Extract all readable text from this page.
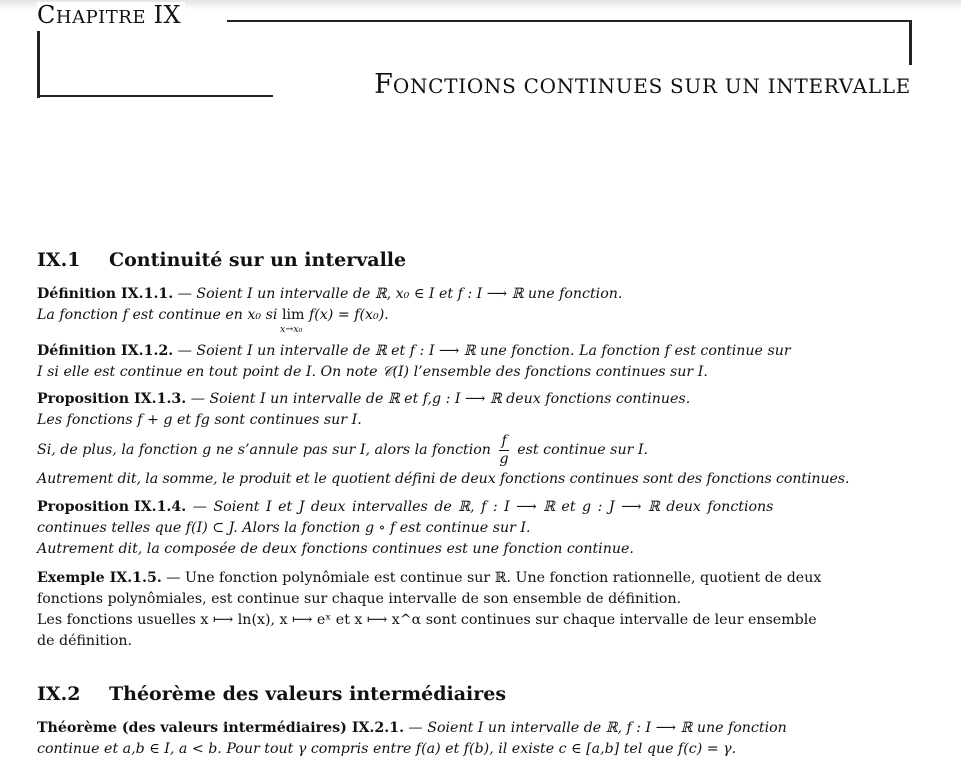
CHAPITRE IX
FONCTIONS CONTINUES SUR UN INTERVALLE
IX.1 Continuité sur un intervalle
Définition IX.1.1. — Soient I un intervalle de ℝ, x₀ ∈ I et f : I ⟶ ℝ une fonction.
La fonction f est continue en x₀ si lim
x→x₀
f(x) = f(x₀).
Définition IX.1.2. — Soient I un intervalle de ℝ et f : I ⟶ ℝ une fonction. La fonction f est continue sur
I si elle est continue en tout point de I. On note 𝒞(I) l’ensemble des fonctions continues sur I.
Proposition IX.1.3. — Soient I un intervalle de ℝ et f,g : I ⟶ ℝ deux fonctions continues.
Les fonctions f + g et fg sont continues sur I.
Si, de plus, la fonction g ne s’annule pas sur I, alors la fonction $\frac{f}{g}$ est continue sur I.
Autrement dit, la somme, le produit et le quotient défini de deux fonctions continues sont des fonctions continues.
Proposition IX.1.4. — Soient I et J deux intervalles de ℝ, f : I ⟶ ℝ et g : J ⟶ ℝ deux fonctions
continues telles que f(I) ⊂ J. Alors la fonction g ∘ f est continue sur I.
Autrement dit, la composée de deux fonctions continues est une fonction continue.
Exemple IX.1.5. — Une fonction polynômiale est continue sur ℝ. Une fonction rationnelle, quotient de deux
fonctions polynômiales, est continue sur chaque intervalle de son ensemble de définition.
Les fonctions usuelles x ⟼ ln(x), x ⟼ eˣ et x ⟼ x^α sont continues sur chaque intervalle de leur ensemble
de définition.
IX.2 Théorème des valeurs intermédiaires
Théorème (des valeurs intermédiaires) IX.2.1. — Soient I un intervalle de ℝ, f : I ⟶ ℝ une fonction
continue et a,b ∈ I, a < b. Pour tout γ compris entre f(a) et f(b), il existe c ∈ [a,b] tel que f(c) = γ.
